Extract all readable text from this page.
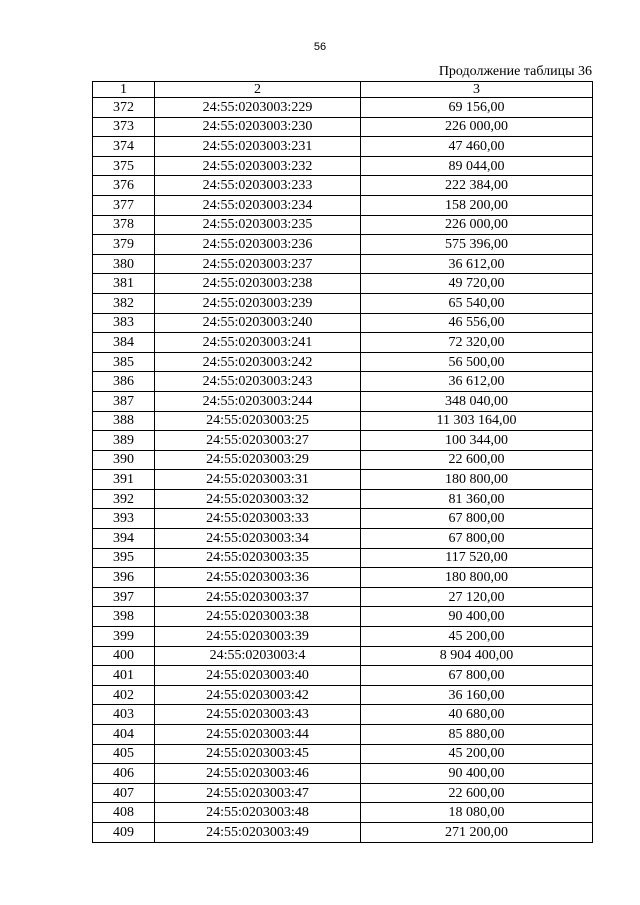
56
Продолжение таблицы 36
1	2	3
372	24:55:0203003:229	69 156,00
373	24:55:0203003:230	226 000,00
374	24:55:0203003:231	47 460,00
375	24:55:0203003:232	89 044,00
376	24:55:0203003:233	222 384,00
377	24:55:0203003:234	158 200,00
378	24:55:0203003:235	226 000,00
379	24:55:0203003:236	575 396,00
380	24:55:0203003:237	36 612,00
381	24:55:0203003:238	49 720,00
382	24:55:0203003:239	65 540,00
383	24:55:0203003:240	46 556,00
384	24:55:0203003:241	72 320,00
385	24:55:0203003:242	56 500,00
386	24:55:0203003:243	36 612,00
387	24:55:0203003:244	348 040,00
388	24:55:0203003:25	11 303 164,00
389	24:55:0203003:27	100 344,00
390	24:55:0203003:29	22 600,00
391	24:55:0203003:31	180 800,00
392	24:55:0203003:32	81 360,00
393	24:55:0203003:33	67 800,00
394	24:55:0203003:34	67 800,00
395	24:55:0203003:35	117 520,00
396	24:55:0203003:36	180 800,00
397	24:55:0203003:37	27 120,00
398	24:55:0203003:38	90 400,00
399	24:55:0203003:39	45 200,00
400	24:55:0203003:4	8 904 400,00
401	24:55:0203003:40	67 800,00
402	24:55:0203003:42	36 160,00
403	24:55:0203003:43	40 680,00
404	24:55:0203003:44	85 880,00
405	24:55:0203003:45	45 200,00
406	24:55:0203003:46	90 400,00
407	24:55:0203003:47	22 600,00
408	24:55:0203003:48	18 080,00
409	24:55:0203003:49	271 200,00
